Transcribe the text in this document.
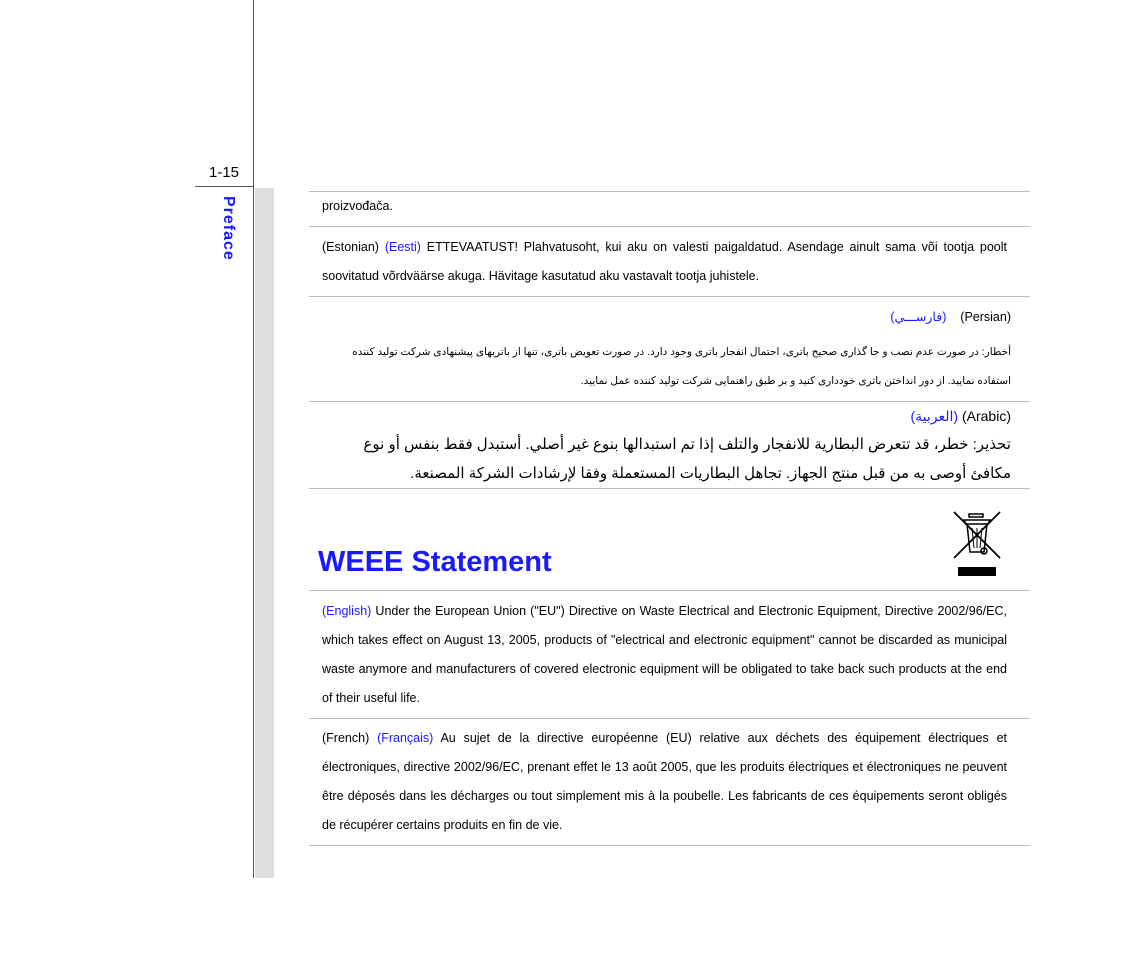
1-15
Preface	proizvođača.
(Estonian) (Eesti) ETTEVAATUST! Plahvatusoht, kui aku on valesti paigaldatud. Asendage ainult sama või tootja poolt soovitatud võrdväärse akuga. Hävitage kasutatud aku vastavalt tootja juhistele.
(فارســـي) (Persian)
أخطار: در صورت عدم نصب و جا گذاری صحیح باتری، احتمال انفجار باتری وجود دارد. در صورت تعویض باتری، تنها از باتریهای پیشنهادی شرکت تولید کننده استفاده نمایید. از دور انداختن باتری خودداری کنید و بر طبق راهنمایی شرکت تولید کننده عمل نمایید.
(العربية) (Arabic)
تحذير: خطر، قد تتعرض البطارية للانفجار والتلف إذا تم استبدالها بنوع غير أصلي. أستبدل فقط بنفس أو نوع مكافئ أوصى به من قبل منتج الجهاز. تجاهل البطاريات المستعملة وفقا لإرشادات الشركة المصنعة.
WEEE Statement
(English) Under the European Union ("EU") Directive on Waste Electrical and Electronic Equipment, Directive 2002/96/EC, which takes effect on August 13, 2005, products of "electrical and electronic equipment" cannot be discarded as municipal waste anymore and manufacturers of covered electronic equipment will be obligated to take back such products at the end of their useful life.
(French) (Français) Au sujet de la directive européenne (EU) relative aux déchets des équipement électriques et électroniques, directive 2002/96/EC, prenant effet le 13 août 2005, que les produits électriques et électroniques ne peuvent être déposés dans les décharges ou tout simplement mis à la poubelle. Les fabricants de ces équipements seront obligés de récupérer certains produits en fin de vie.
